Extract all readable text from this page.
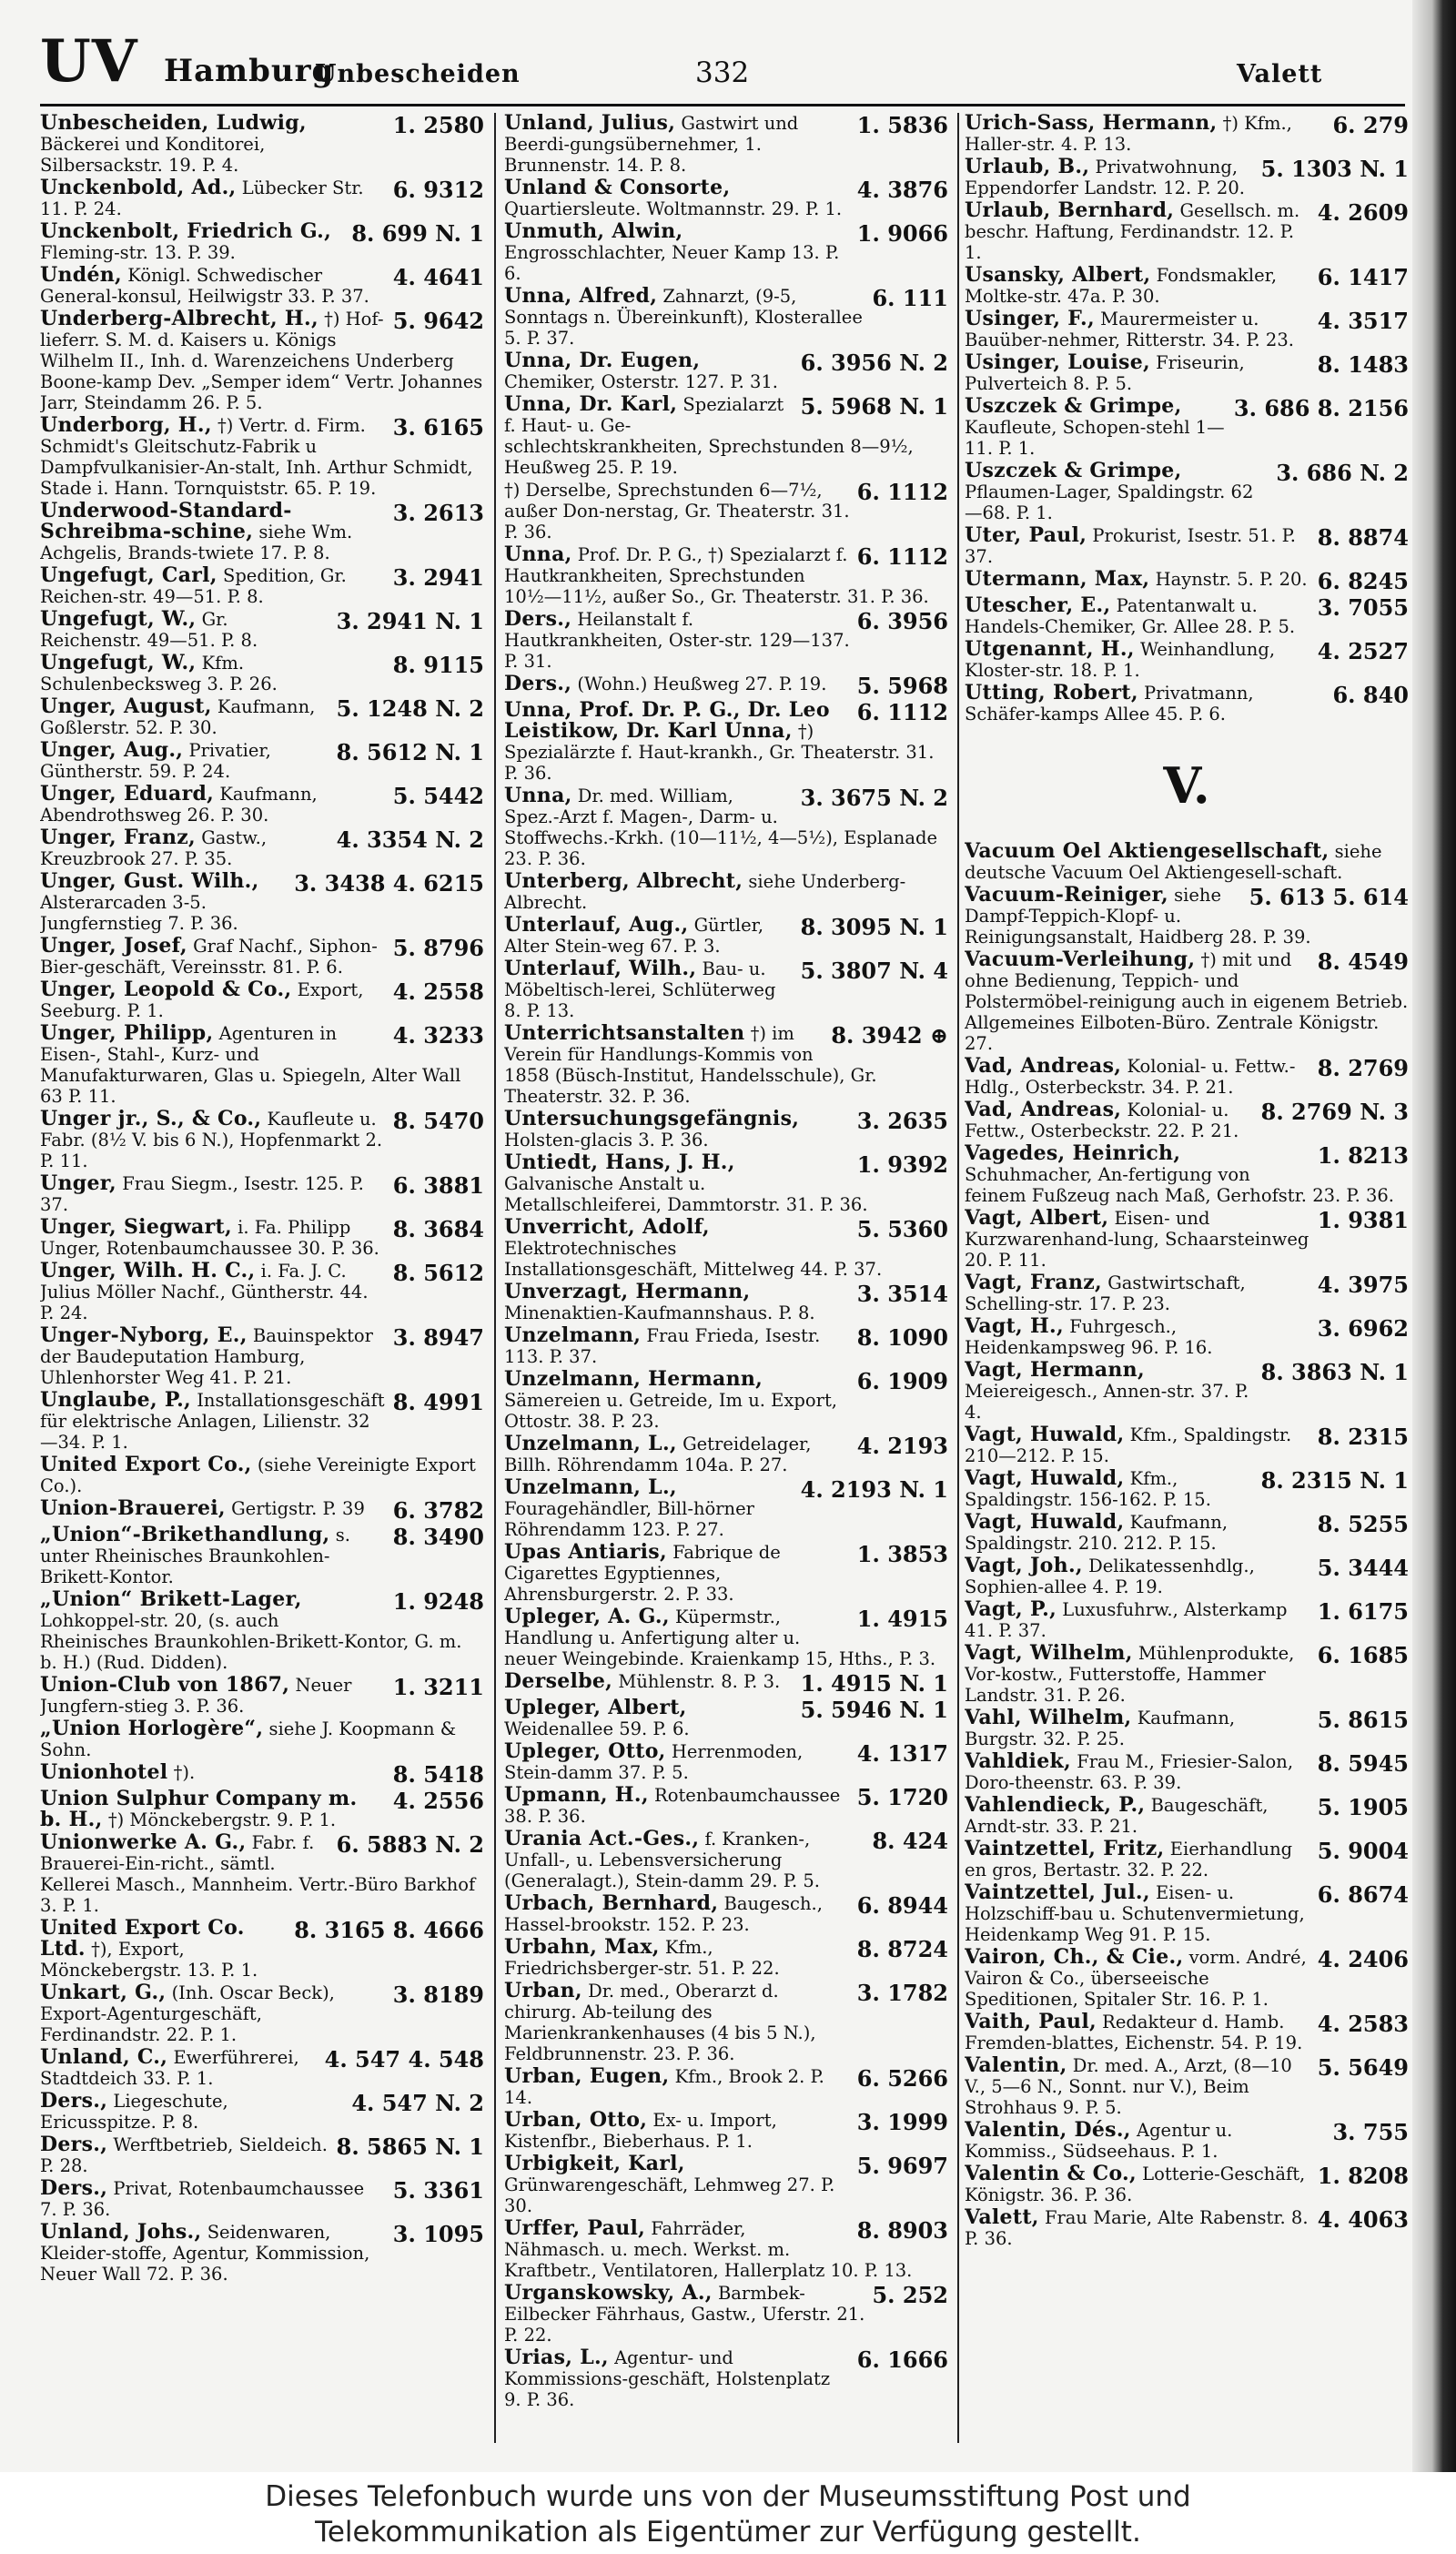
UV Hamburg
Unbescheiden	332	Valett
1. 2580
Unbescheiden, Ludwig, Bäckerei und Konditorei, Silbersackstr. 19. P. 4.
6. 9312
Unckenbold, Ad., Lübecker Str. 11. P. 24.
8. 699 N. 1
Unckenbolt, Friedrich G., Fleming-str. 13. P. 39.
4. 4641
Undén, Königl. Schwedischer General-konsul, Heilwigstr 33. P. 37.
5. 9642
Underberg-Albrecht, H., †) Hof-lieferr. S. M. d. Kaisers u. Königs Wilhelm II., Inh. d. Warenzeichens Underberg Boone-kamp Dev. „Semper idem“ Vertr. Johannes Jarr, Steindamm 26. P. 5.
3. 6165
Underborg, H., †) Vertr. d. Firm. Schmidt's Gleitschutz-Fabrik u Dampfvulkanisier-An-stalt, Inh. Arthur Schmidt, Stade i. Hann. Tornquiststr. 65. P. 19.
3. 2613
Underwood-Standard-Schreibma-schine, siehe Wm. Achgelis, Brands-twiete 17. P. 8.
3. 2941
Ungefugt, Carl, Spedition, Gr. Reichen-str. 49—51. P. 8.
3. 2941 N. 1
Ungefugt, W., Gr. Reichenstr. 49—51. P. 8.
8. 9115
Ungefugt, W., Kfm. Schulenbecksweg 3. P. 26.
5. 1248 N. 2
Unger, August, Kaufmann, Goßlerstr. 52. P. 30.
8. 5612 N. 1
Unger, Aug., Privatier, Güntherstr. 59. P. 24.
5. 5442
Unger, Eduard, Kaufmann, Abendrothsweg 26. P. 30.
4. 3354 N. 2
Unger, Franz, Gastw., Kreuzbrook 27. P. 35.
3. 3438 4. 6215
Unger, Gust. Wilh., Alsterarcaden 3-5. Jungfernstieg 7. P. 36.
5. 8796
Unger, Josef, Graf Nachf., Siphon-Bier-geschäft, Vereinsstr. 81. P. 6.
4. 2558
Unger, Leopold & Co., Export, Seeburg. P. 1.
4. 3233
Unger, Philipp, Agenturen in Eisen-, Stahl-, Kurz- und Manufakturwaren, Glas u. Spiegeln, Alter Wall 63 P. 11.
8. 5470
Unger jr., S., & Co., Kaufleute u. Fabr. (8½ V. bis 6 N.), Hopfenmarkt 2. P. 11.
6. 3881
Unger, Frau Siegm., Isestr. 125. P. 37.
8. 3684
Unger, Siegwart, i. Fa. Philipp Unger, Rotenbaumchaussee 30. P. 36.
8. 5612
Unger, Wilh. H. C., i. Fa. J. C. Julius Möller Nachf., Güntherstr. 44. P. 24.
3. 8947
Unger-Nyborg, E., Bauinspektor der Baudeputation Hamburg, Uhlenhorster Weg 41. P. 21.
8. 4991
Unglaube, P., Installationsgeschäft für elektrische Anlagen, Lilienstr. 32—34. P. 1.
United Export Co., (siehe Vereinigte Export Co.).
6. 3782
Union-Brauerei, Gertigstr. P. 39
8. 3490
„Union“-Brikethandlung, s. unter Rheinisches Braunkohlen-Brikett-Kontor.
1. 9248
„Union“ Brikett-Lager, Lohkoppel-str. 20, (s. auch Rheinisches Braunkohlen-Brikett-Kontor, G. m. b. H.) (Rud. Didden).
1. 3211
Union-Club von 1867, Neuer Jungfern-stieg 3. P. 36.
„Union Horlogère“, siehe J. Koopmann & Sohn.
8. 5418
Unionhotel †).
4. 2556
Union Sulphur Company m. b. H., †) Mönckebergstr. 9. P. 1.
6. 5883 N. 2
Unionwerke A. G., Fabr. f. Brauerei-Ein-richt., sämtl. Kellerei Masch., Mannheim. Vertr.-Büro Barkhof 3. P. 1.
8. 3165 8. 4666
United Export Co. Ltd. †), Export, Mönckebergstr. 13. P. 1.
3. 8189
Unkart, G., (Inh. Oscar Beck), Export-Agenturgeschäft, Ferdinandstr. 22. P. 1.
4. 547 4. 548
Unland, C., Ewerführerei, Stadtdeich 33. P. 1.
4. 547 N. 2
Ders., Liegeschute, Ericusspitze. P. 8.
8. 5865 N. 1
Ders., Werftbetrieb, Sieldeich. P. 28.
5. 3361
Ders., Privat, Rotenbaumchaussee 7. P. 36.
3. 1095
Unland, Johs., Seidenwaren, Kleider-stoffe, Agentur, Kommission, Neuer Wall 72. P. 36.
1. 5836
Unland, Julius, Gastwirt und Beerdi-gungsübernehmer, 1. Brunnenstr. 14. P. 8.
4. 3876
Unland & Consorte, Quartiersleute. Woltmannstr. 29. P. 1.
1. 9066
Unmuth, Alwin, Engrosschlachter, Neuer Kamp 13. P. 6.
6. 111
Unna, Alfred, Zahnarzt, (9-5, Sonntags n. Übereinkunft), Klosterallee 5. P. 37.
6. 3956 N. 2
Unna, Dr. Eugen, Chemiker, Osterstr. 127. P. 31.
5. 5968 N. 1
Unna, Dr. Karl, Spezialarzt f. Haut- u. Ge-schlechtskrankheiten, Sprechstunden 8—9½, Heußweg 25. P. 19.
6. 1112
†) Derselbe, Sprechstunden 6—7½, außer Don-nerstag, Gr. Theaterstr. 31. P. 36.
6. 1112
Unna, Prof. Dr. P. G., †) Spezialarzt f. Hautkrankheiten, Sprechstunden 10½—11½, außer So., Gr. Theaterstr. 31. P. 36.
6. 3956
Ders., Heilanstalt f. Hautkrankheiten, Oster-str. 129—137. P. 31.
5. 5968
Ders., (Wohn.) Heußweg 27. P. 19.
6. 1112
Unna, Prof. Dr. P. G., Dr. Leo Leistikow, Dr. Karl Unna, †) Spezialärzte f. Haut-krankh., Gr. Theaterstr. 31. P. 36.
3. 3675 N. 2
Unna, Dr. med. William, Spez.-Arzt f. Magen-, Darm- u. Stoffwechs.-Krkh. (10—11½, 4—5½), Esplanade 23. P. 36.
Unterberg, Albrecht, siehe Underberg-Albrecht.
8. 3095 N. 1
Unterlauf, Aug., Gürtler, Alter Stein-weg 67. P. 3.
5. 3807 N. 4
Unterlauf, Wilh., Bau- u. Möbeltisch-lerei, Schlüterweg 8. P. 13.
8. 3942 ⊕
Unterrichtsanstalten †) im Verein für Handlungs-Kommis von 1858 (Büsch-Institut, Handelsschule), Gr. Theaterstr. 32. P. 36.
3. 2635
Untersuchungsgefängnis, Holsten-glacis 3. P. 36.
1. 9392
Untiedt, Hans, J. H., Galvanische Anstalt u. Metallschleiferei, Dammtorstr. 31. P. 36.
5. 5360
Unverricht, Adolf, Elektrotechnisches Installationsgeschäft, Mittelweg 44. P. 37.
3. 3514
Unverzagt, Hermann, Minenaktien-Kaufmannshaus. P. 8.
8. 1090
Unzelmann, Frau Frieda, Isestr. 113. P. 37.
6. 1909
Unzelmann, Hermann, Sämereien u. Getreide, Im u. Export, Ottostr. 38. P. 23.
4. 2193
Unzelmann, L., Getreidelager, Billh. Röhrendamm 104a. P. 27.
4. 2193 N. 1
Unzelmann, L., Fouragehändler, Bill-hörner Röhrendamm 123. P. 27.
1. 3853
Upas Antiaris, Fabrique de Cigarettes Egyptiennes, Ahrensburgerstr. 2. P. 33.
1. 4915
Upleger, A. G., Küpermstr., Handlung u. Anfertigung alter u. neuer Weingebinde. Kraienkamp 15, Hths., P. 3.
1. 4915 N. 1
Derselbe, Mühlenstr. 8. P. 3.
5. 5946 N. 1
Upleger, Albert, Weidenallee 59. P. 6.
4. 1317
Upleger, Otto, Herrenmoden, Stein-damm 37. P. 5.
5. 1720
Upmann, H., Rotenbaumchaussee 38. P. 36.
8. 424
Urania Act.-Ges., f. Kranken-, Unfall-, u. Lebensversicherung (Generalagt.), Stein-damm 29. P. 5.
6. 8944
Urbach, Bernhard, Baugesch., Hassel-brookstr. 152. P. 23.
8. 8724
Urbahn, Max, Kfm., Friedrichsberger-str. 51. P. 22.
3. 1782
Urban, Dr. med., Oberarzt d. chirurg. Ab-teilung des Marienkrankenhauses (4 bis 5 N.), Feldbrunnenstr. 23. P. 36.
6. 5266
Urban, Eugen, Kfm., Brook 2. P. 14.
3. 1999
Urban, Otto, Ex- u. Import, Kistenfbr., Bieberhaus. P. 1.
5. 9697
Urbigkeit, Karl, Grünwarengeschäft, Lehmweg 27. P. 30.
8. 8903
Urffer, Paul, Fahrräder, Nähmasch. u. mech. Werkst. m. Kraftbetr., Ventilatoren, Hallerplatz 10. P. 13.
5. 252
Urganskowsky, A., Barmbek-Eilbecker Fährhaus, Gastw., Uferstr. 21. P. 22.
6. 1666
Urias, L., Agentur- und Kommissions-geschäft, Holstenplatz 9. P. 36.
6. 279
Urich-Sass, Hermann, †) Kfm., Haller-str. 4. P. 13.
5. 1303 N. 1
Urlaub, B., Privatwohnung, Eppendorfer Landstr. 12. P. 20.
4. 2609
Urlaub, Bernhard, Gesellsch. m. beschr. Haftung, Ferdinandstr. 12. P. 1.
6. 1417
Usansky, Albert, Fondsmakler, Moltke-str. 47a. P. 30.
4. 3517
Usinger, F., Maurermeister u. Bauüber-nehmer, Ritterstr. 34. P. 23.
8. 1483
Usinger, Louise, Friseurin, Pulverteich 8. P. 5.
3. 686 8. 2156
Uszczek & Grimpe, Kaufleute, Schopen-stehl 1—11. P. 1.
3. 686 N. 2
Uszczek & Grimpe, Pflaumen-Lager, Spaldingstr. 62—68. P. 1.
8. 8874
Uter, Paul, Prokurist, Isestr. 51. P. 37.
6. 8245
Utermann, Max, Haynstr. 5. P. 20.
3. 7055
Utescher, E., Patentanwalt u. Handels-Chemiker, Gr. Allee 28. P. 5.
4. 2527
Utgenannt, H., Weinhandlung, Kloster-str. 18. P. 1.
6. 840
Utting, Robert, Privatmann, Schäfer-kamps Allee 45. P. 6.
V.
Vacuum Oel Aktiengesellschaft, siehe deutsche Vacuum Oel Aktiengesell-schaft.
5. 613 5. 614
Vacuum-Reiniger, siehe Dampf-Teppich-Klopf- u. Reinigungsanstalt, Haidberg 28. P. 39.
8. 4549
Vacuum-Verleihung, †) mit und ohne Bedienung, Teppich- und Polstermöbel-reinigung auch in eigenem Betrieb. Allgemeines Eilboten-Büro. Zentrale Königstr. 27.
8. 2769
Vad, Andreas, Kolonial- u. Fettw.-Hdlg., Osterbeckstr. 34. P. 21.
8. 2769 N. 3
Vad, Andreas, Kolonial- u. Fettw., Osterbeckstr. 22. P. 21.
1. 8213
Vagedes, Heinrich, Schuhmacher, An-fertigung von feinem Fußzeug nach Maß, Gerhofstr. 23. P. 36.
1. 9381
Vagt, Albert, Eisen- und Kurzwarenhand-lung, Schaarsteinweg 20. P. 11.
4. 3975
Vagt, Franz, Gastwirtschaft, Schelling-str. 17. P. 23.
3. 6962
Vagt, H., Fuhrgesch., Heidenkampsweg 96. P. 16.
8. 3863 N. 1
Vagt, Hermann, Meiereigesch., Annen-str. 37. P. 4.
8. 2315
Vagt, Huwald, Kfm., Spaldingstr. 210—212. P. 15.
8. 2315 N. 1
Vagt, Huwald, Kfm., Spaldingstr. 156-162. P. 15.
8. 5255
Vagt, Huwald, Kaufmann, Spaldingstr. 210. 212. P. 15.
5. 3444
Vagt, Joh., Delikatessenhdlg., Sophien-allee 4. P. 19.
1. 6175
Vagt, P., Luxusfuhrw., Alsterkamp 41. P. 37.
6. 1685
Vagt, Wilhelm, Mühlenprodukte, Vor-kostw., Futterstoffe, Hammer Landstr. 31. P. 26.
5. 8615
Vahl, Wilhelm, Kaufmann, Burgstr. 32. P. 25.
8. 5945
Vahldiek, Frau M., Friesier-Salon, Doro-theenstr. 63. P. 39.
5. 1905
Vahlendieck, P., Baugeschäft, Arndt-str. 33. P. 21.
5. 9004
Vaintzettel, Fritz, Eierhandlung en gros, Bertastr. 32. P. 22.
6. 8674
Vaintzettel, Jul., Eisen- u. Holzschiff-bau u. Schutenvermietung, Heidenkamp Weg 91. P. 15.
4. 2406
Vairon, Ch., & Cie., vorm. André, Vairon & Co., überseeische Speditionen, Spitaler Str. 16. P. 1.
4. 2583
Vaith, Paul, Redakteur d. Hamb. Fremden-blattes, Eichenstr. 54. P. 19.
5. 5649
Valentin, Dr. med. A., Arzt, (8—10 V., 5—6 N., Sonnt. nur V.), Beim Strohhaus 9. P. 5.
3. 755
Valentin, Dés., Agentur u. Kommiss., Südseehaus. P. 1.
1. 8208
Valentin & Co., Lotterie-Geschäft, Königstr. 36. P. 36.
4. 4063
Valett, Frau Marie, Alte Rabenstr. 8. P. 36.

Dieses Telefonbuch wurde uns von der Museumsstiftung Post und

Telekommunikation als Eigentümer zur Verfügung gestellt.
